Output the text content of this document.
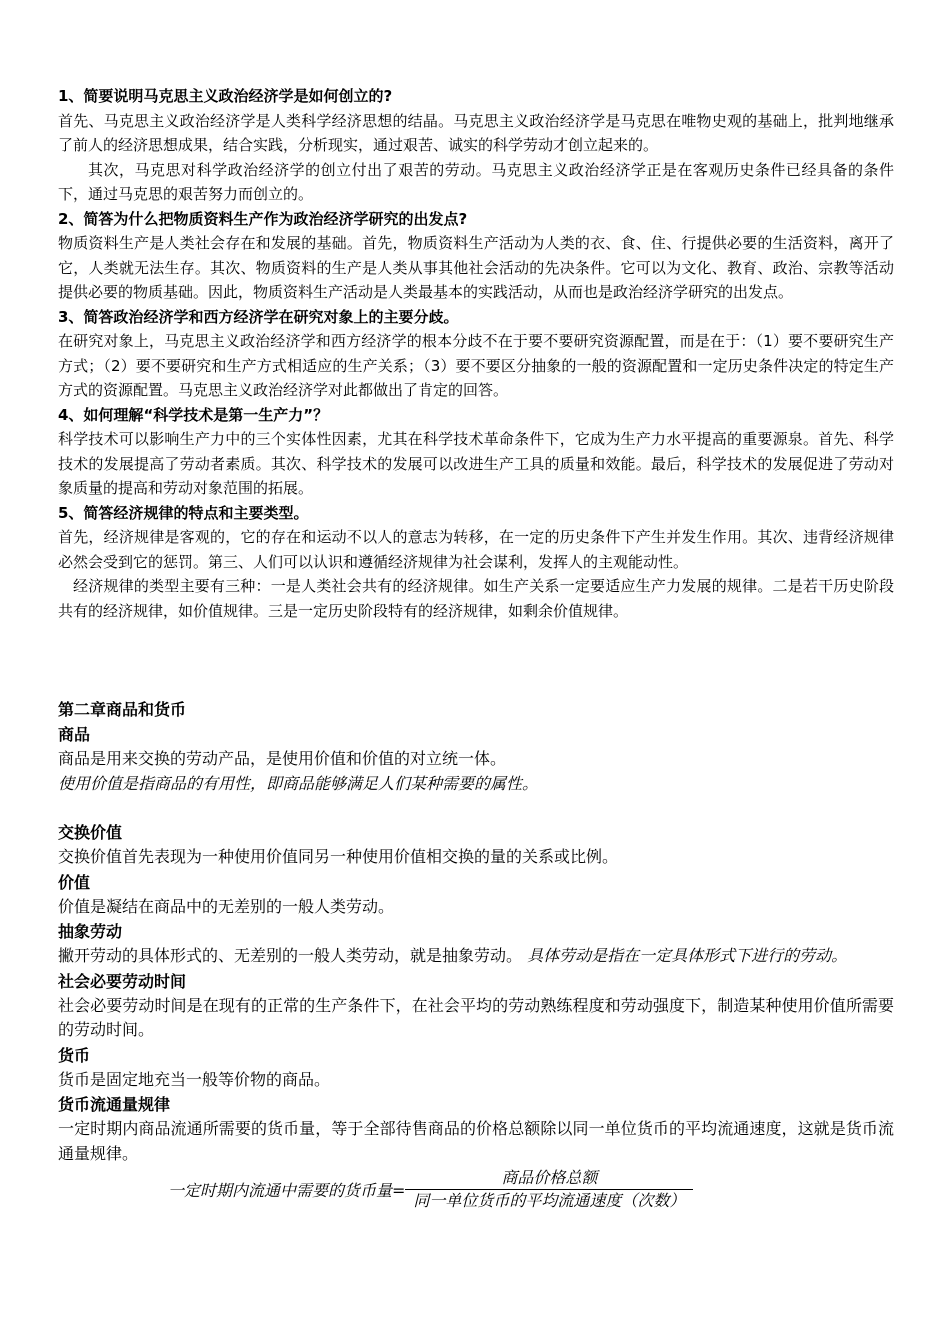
1、简要说明马克思主义政治经济学是如何创立的?

首先、马克思主义政治经济学是人类科学经济思想的结晶。马克思主义政治经济学是马克思在唯物史观的基础上，批判地继承了前人的经济思想成果，结合实践，分析现实，通过艰苦、诚实的科学劳动才创立起来的。

其次，马克思对科学政治经济学的创立付出了艰苦的劳动。马克思主义政治经济学正是在客观历史条件已经具备的条件下，通过马克思的艰苦努力而创立的。

2、简答为什么把物质资料生产作为政治经济学研究的出发点?

物质资料生产是人类社会存在和发展的基础。首先，物质资料生产活动为人类的衣、食、住、行提供必要的生活资料，离开了它，人类就无法生存。其次、物质资料的生产是人类从事其他社会活动的先决条件。它可以为文化、教育、政治、宗教等活动提供必要的物质基础。因此，物质资料生产活动是人类最基本的实践活动，从而也是政治经济学研究的出发点。

3、简答政治经济学和西方经济学在研究对象上的主要分歧。

在研究对象上，马克思主义政治经济学和西方经济学的根本分歧不在于要不要研究资源配置，而是在于：（1）要不要研究生产方式；（2）要不要研究和生产方式相适应的生产关系；（3）要不要区分抽象的一般的资源配置和一定历史条件决定的特定生产方式的资源配置。马克思主义政治经济学对此都做出了肯定的回答。

4、如何理解“科学技术是第一生产力”？

科学技术可以影响生产力中的三个实体性因素，尤其在科学技术革命条件下，它成为生产力水平提高的重要源泉。首先、科学技术的发展提高了劳动者素质。其次、科学技术的发展可以改进生产工具的质量和效能。最后，科学技术的发展促进了劳动对象质量的提高和劳动对象范围的拓展。

5、简答经济规律的特点和主要类型。

首先，经济规律是客观的，它的存在和运动不以人的意志为转移，在一定的历史条件下产生并发生作用。其次、违背经济规律必然会受到它的惩罚。第三、人们可以认识和遵循经济规律为社会谋利，发挥人的主观能动性。

经济规律的类型主要有三种：一是人类社会共有的经济规律。如生产关系一定要适应生产力发展的规律。二是若干历史阶段共有的经济规律，如价值规律。三是一定历史阶段特有的经济规律，如剩余价值规律。

第二章商品和货币

商品

商品是用来交换的劳动产品，是使用价值和价值的对立统一体。

使用价值是指商品的有用性，即商品能够满足人们某种需要的属性。

交换价值

交换价值首先表现为一种使用价值同另一种使用价值相交换的量的关系或比例。

价值

价值是凝结在商品中的无差别的一般人类劳动。

抽象劳动

撇开劳动的具体形式的、无差别的一般人类劳动，就是抽象劳动。 具体劳动是指在一定具体形式下进行的劳动。

社会必要劳动时间

社会必要劳动时间是在现有的正常的生产条件下，在社会平均的劳动熟练程度和劳动强度下，制造某种使用价值所需要的劳动时间。

货币

货币是固定地充当一般等价物的商品。

货币流通量规律

一定时期内商品流通所需要的货币量，等于全部待售商品的价格总额除以同一单位货币的平均流通速度，这就是货币流通量规律。

一定时期内流通中需要的货币量= $\frac{\text{商品价格总额}}{\text{同一单位货币的平均流通速度（次数）}}$
